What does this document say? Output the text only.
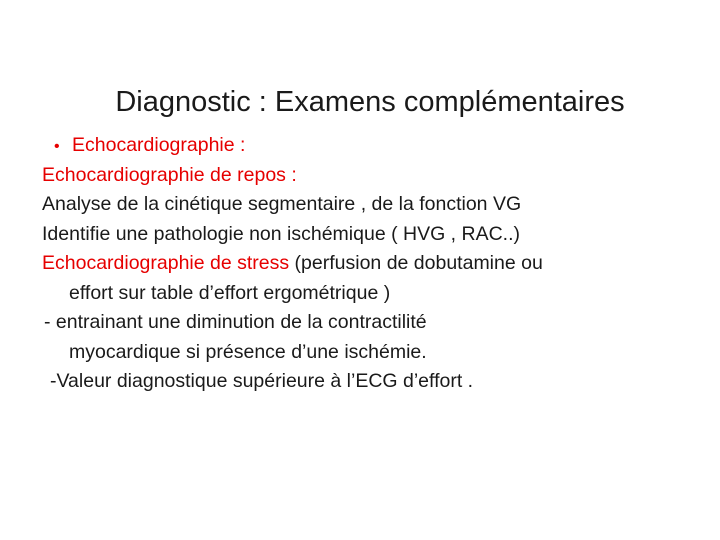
Diagnostic : Examens complémentaires
• Echocardiographie :
Echocardiographie de repos :
Analyse de la cinétique segmentaire , de la fonction VG
Identifie une pathologie non ischémique ( HVG , RAC..)
Echocardiographie de stress (perfusion de dobutamine ou
effort sur table d’effort ergométrique )
- entrainant une diminution de la contractilité
myocardique si présence d’une ischémie.
-Valeur diagnostique supérieure à l’ECG d’effort .
